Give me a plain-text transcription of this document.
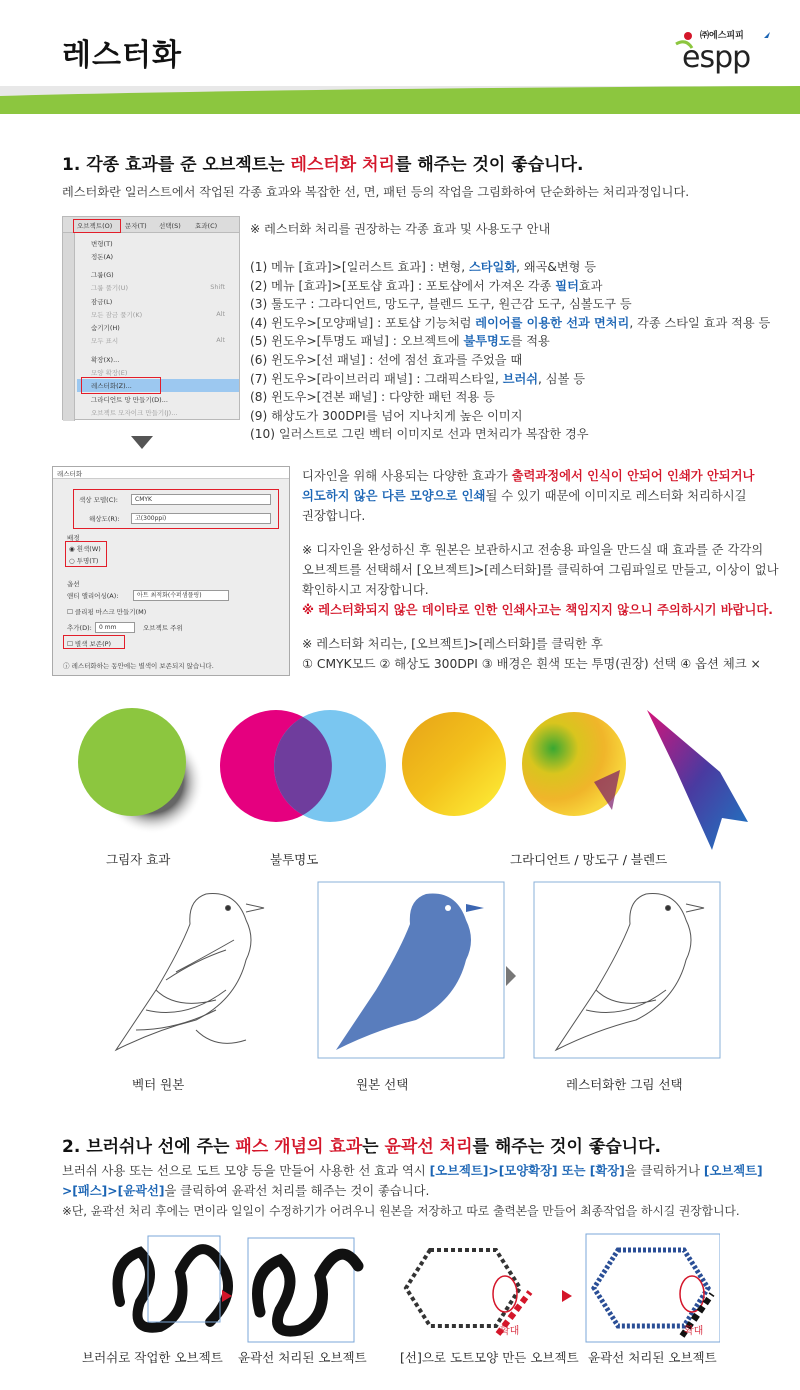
레스터화
㈜에스피피
espp
1. 각종 효과를 준 오브젝트는 레스터화 처리를 해주는 것이 좋습니다.
레스터화란 일러스트에서 작업된 각종 효과와 복잡한 선, 면, 패턴 등의 작업을 그림화하여 단순화하는 처리과정입니다.
오브젝트(O) 문자(T) 선택(S) 효과(C)
변형(T)
정돈(A)
그룹(G)
그룹 풀기(U)	Shift
잠금(L)
모든 잠금 풀기(K)	Alt
숨기기(H)
모두 표시	Alt
확장(X)...
모양 확장(E)
레스터화(Z)...
그라디언트 망 만들기(D)...
오브젝트 모자이크 만들기(J)...
※ 레스터화 처리를 권장하는 각종 효과 및 사용도구 안내
(1) 메뉴 [효과]>[일러스트 효과] : 변형, 스타일화, 왜곡&변형 등
(2) 메뉴 [효과]>[포토샵 효과] : 포토샵에서 가져온 각종 필터효과
(3) 툴도구 : 그라디언트, 망도구, 블렌드 도구, 원근감 도구, 심볼도구 등
(4) 윈도우>[모양패널] : 포토샵 기능처럼 레이어를 이용한 선과 면처리, 각종 스타일 효과 적용 등
(5) 윈도우>[투명도 패널] : 오브젝트에 불투명도를 적용
(6) 윈도우>[선 패널] : 선에 점선 효과를 주었을 때
(7) 윈도우>[라이브러리 패널] : 그래픽스타일, 브러쉬, 심볼 등
(8) 윈도우>[견본 패널] : 다양한 패턴 적용 등
(9) 해상도가 300DPI를 넘어 지나치게 높은 이미지
(10) 일러스트로 그린 벡터 이미지로 선과 면처리가 복잡한 경우
래스터화
색상 모델(C):	CMYK
해상도(R):	고(300ppi)
배경
◉ 흰색(W)
○ 투명(T)
옵션
앤티 앨리어싱(A):	아트 최적화(수퍼샘플링)
☐ 클리핑 마스크 만들기(M)
추가(D):	0 mm	오브젝트 주위
☐ 별색 보존(P)
ⓘ 레스터화하는 동안에는 별색이 보존되지 않습니다.
디자인을 위해 사용되는 다양한 효과가 출력과정에서 인식이 안되어 인쇄가 안되거나
의도하지 않은 다른 모양으로 인쇄될 수 있기 때문에 이미지로 레스터화 처리하시길
권장합니다.
※ 디자인을 완성하신 후 원본은 보관하시고 전송용 파일을 만드실 때 효과를 준 각각의
오브젝트를 선택해서 [오브젝트]>[레스터화]를 클릭하여 그림파일로 만들고, 이상이 없나
확인하시고 저장합니다.
※ 레스터화되지 않은 데이타로 인한 인쇄사고는 책임지지 않으니 주의하시기 바랍니다.
※ 레스터화 처리는, [오브젝트]>[레스터화]를 클릭한 후
① CMYK모드 ② 해상도 300DPI ③ 배경은 흰색 또는 투명(권장) 선택 ④ 옵션 체크 ×
그림자 효과	불투명도	그라디언트 / 망도구 / 블렌드
벡터 원본	원본 선택	레스터화한 그림 선택
2. 브러쉬나 선에 주는 패스 개념의 효과는 윤곽선 처리를 해주는 것이 좋습니다.
브러쉬 사용 또는 선으로 도트 모양 등을 만들어 사용한 선 효과 역시 [오브젝트]>[모양확장] 또는 [확장]을 클릭하거나 [오브젝트]
>[패스]>[윤곽선]을 클릭하여 윤곽선 처리를 해주는 것이 좋습니다.
※단, 윤곽선 처리 후에는 면이라 일일이 수정하기가 어려우니 원본을 저장하고 따로 출력본을 만들어 최종작업을 하시길 권장합니다.
확대	확대
브러쉬로 작업한 오브젝트 윤곽선 처리된 오브젝트	[선]으로 도트모양 만든 오브젝트 윤곽선 처리된 오브젝트
